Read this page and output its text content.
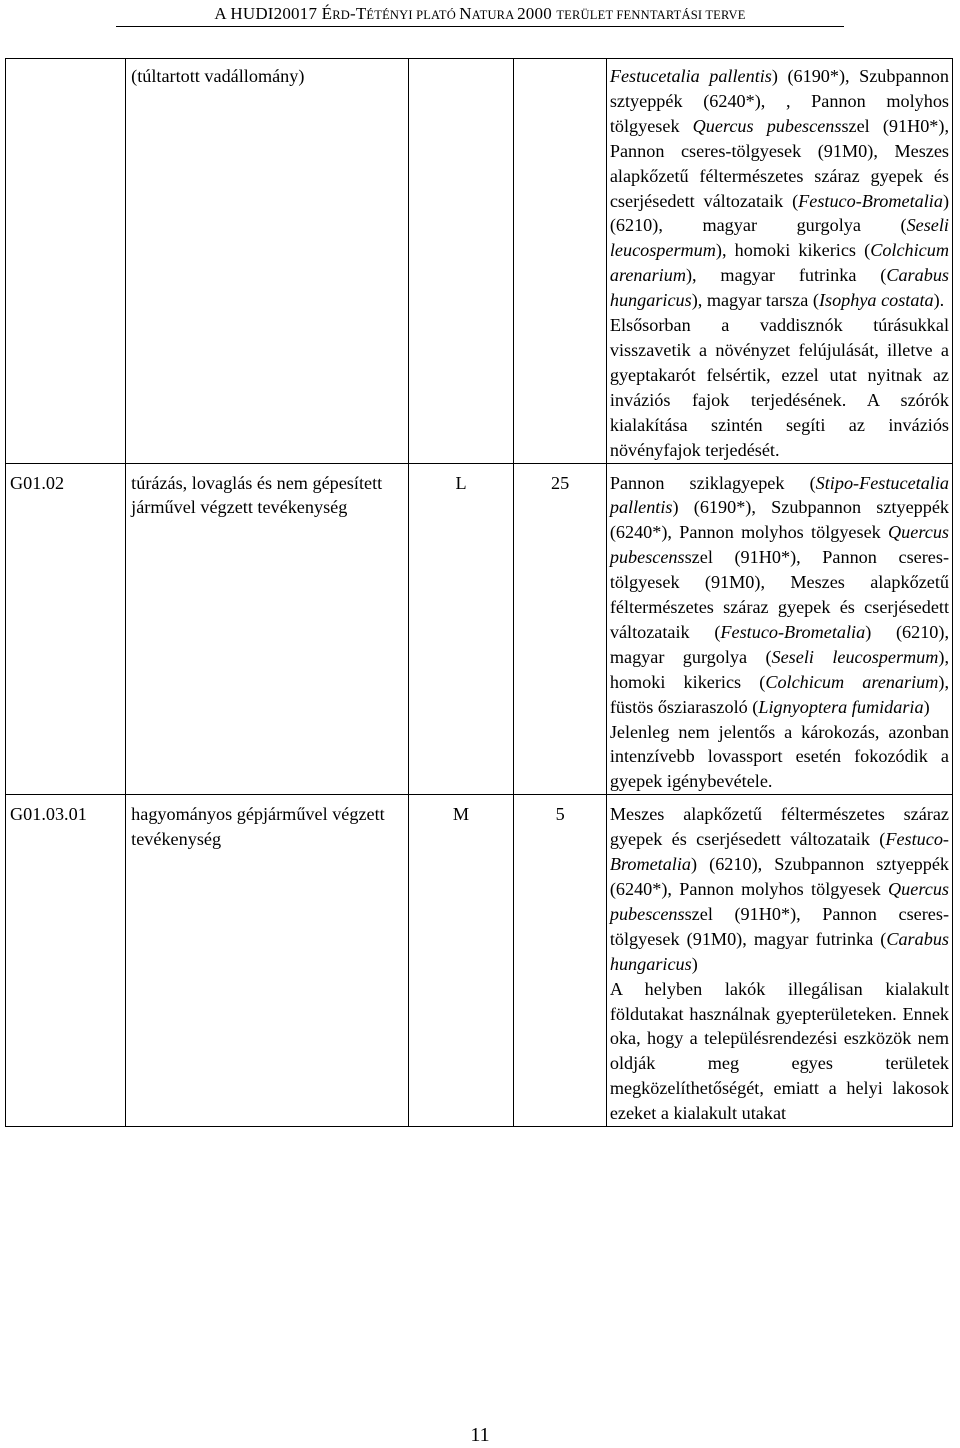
A HUDI20017 ÉRD-TÉTÉNYI PLATÓ NATURA 2000 TERÜLET FENNTARTÁSI TERVE
	(túltartott vadállomány)			Festucetalia pallentis) (6190*), Szubpannon sztyeppék (6240*), , Pannon molyhos tölgyesek Quercus pubescensszel (91H0*), Pannon cseres-tölgyesek (91M0), Meszes alapkőzetű féltermészetes száraz gyepek és cserjésedett változataik (Festuco-Brometalia) (6210), magyar gurgolya (Seseli leucospermum), homoki kikerics (Colchicum arenarium), magyar futrinka (Carabus hungaricus), magyar tarsza (Isophya costata).
Elsősorban a vaddisznók túrásukkal visszavetik a növényzet felújulását, illetve a gyeptakarót felsértik, ezzel utat nyitnak az inváziós fajok terjedésének. A szórók kialakítása szintén segíti az inváziós növényfajok terjedését.

G01.02	túrázás, lovaglás és nem gépesített járművel végzett tevékenység	L	25	Pannon sziklagyepek (Stipo-Festucetalia pallentis) (6190*), Szubpannon sztyeppék (6240*), Pannon molyhos tölgyesek Quercus pubescensszel (91H0*), Pannon cseres-tölgyesek (91M0), Meszes alapkőzetű féltermészetes száraz gyepek és cserjésedett változataik (Festuco-Brometalia) (6210), magyar gurgolya (Seseli leucospermum), homoki kikerics (Colchicum arenarium), füstös őszіaraszoló (Lignyoptera fumidaria)
Jelenleg nem jelentős a károkozás, azonban intenzívebb lovassport esetén fokozódik a gyepek igénybevétele.

G01.03.01	hagyományos gépjárművel végzett tevékenység	M	5	Meszes alapkőzetű féltermészetes száraz gyepek és cserjésedett változataik (Festuco-Brometalia) (6210), Szubpannon sztyeppék (6240*), Pannon molyhos tölgyesek Quercus pubescensszel (91H0*), Pannon cseres-tölgyesek (91M0), magyar futrinka (Carabus hungaricus)
A helyben lakók illegálisan kialakult földutakat használnak gyepterületeken. Ennek oka, hogy a településrendezési eszközök nem oldják meg egyes területek megközelíthetőségét, emiatt a helyi lakosok ezeket a kialakult utakat
11
